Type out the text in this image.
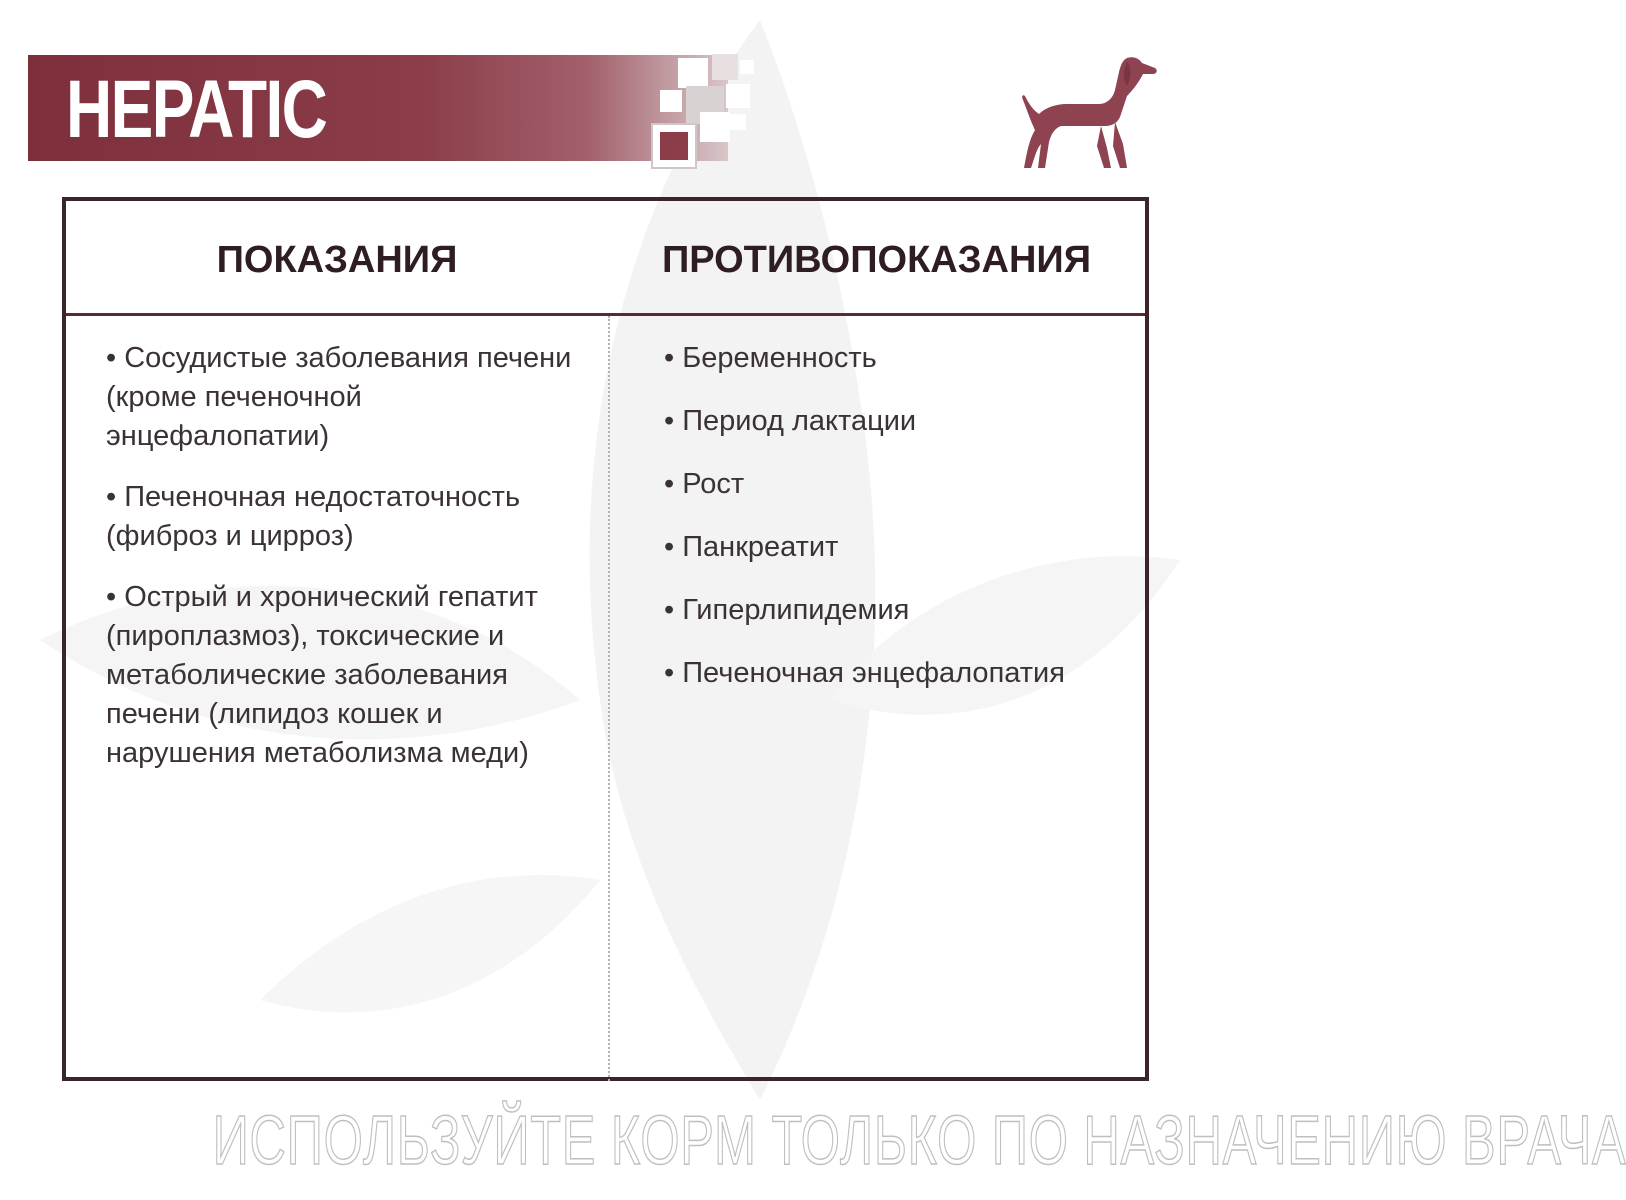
HEPATIC
ПОКАЗАНИЯ	ПРОТИВОПОКАЗАНИЯ

• Сосудистые заболевания печени (кроме печеночной энцефалопатии)

• Печеночная недостаточность (фиброз и цирроз)

• Острый и хронический гепатит (пироплазмоз), токсические и метаболические заболевания печени (липидоз кошек и нарушения метаболизма меди)

• Беременность

• Период лактации

• Рост

• Панкреатит

• Гиперлипидемия

• Печеночная энцефалопатия

ИСПОЛЬЗУЙТЕ КОРМ ТОЛЬКО ПО НАЗНАЧЕНИЮ ВРАЧА
